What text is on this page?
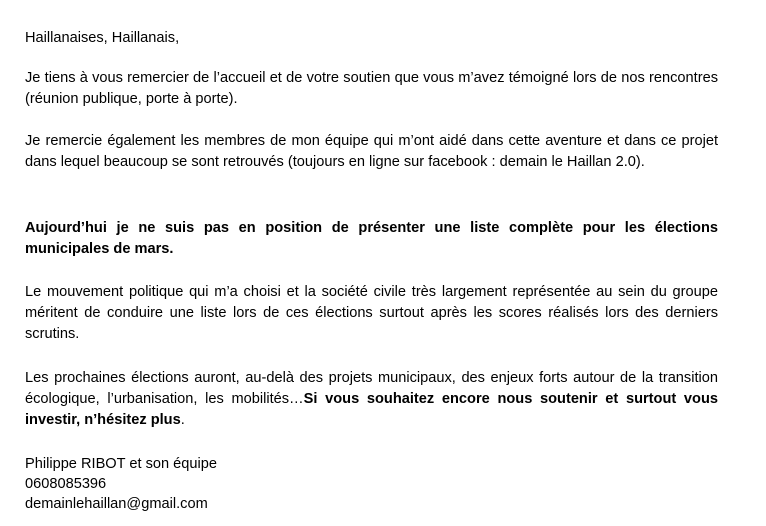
Haillanaises, Haillanais,

Je tiens à vous remercier de l’accueil et de votre soutien que vous m’avez témoigné lors de nos rencontres (réunion publique, porte à porte).

Je remercie également les membres de mon équipe qui m’ont aidé dans cette aventure et dans ce projet dans lequel beaucoup se sont retrouvés (toujours en ligne sur facebook : demain le Haillan 2.0).

Aujourd’hui je ne suis pas en position de présenter une liste complète pour les élections municipales de mars.

Le mouvement politique qui m’a choisi et la société civile très largement représentée au sein du groupe méritent de conduire une liste lors de ces élections surtout après les scores réalisés lors des derniers scrutins.

Les prochaines élections auront, au-delà des projets municipaux, des enjeux forts autour de la transition écologique, l’urbanisation, les mobilités…Si vous souhaitez encore nous soutenir et surtout vous investir, n’hésitez plus.

Philippe RIBOT et son équipe
0608085396
demainlehaillan@gmail.com
